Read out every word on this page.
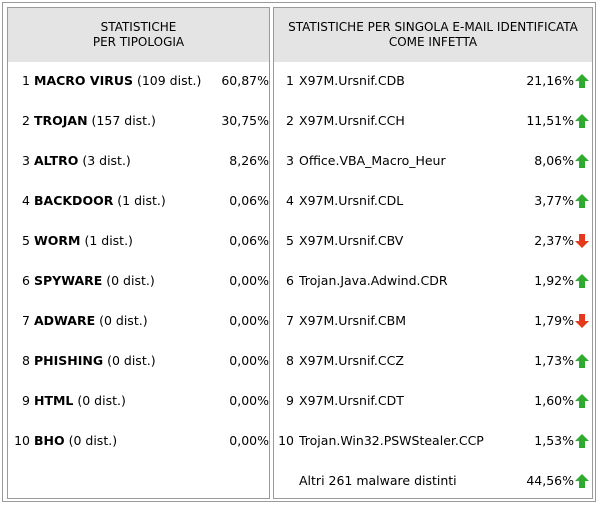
STATISTICHE
PER TIPOLOGIA
1 MACRO VIRUS (109 dist.)	60,87%
2 TROJAN (157 dist.)	30,75%
3 ALTRO (3 dist.)	8,26%
4 BACKDOOR (1 dist.)	0,06%
5 WORM (1 dist.)	0,06%
6 SPYWARE (0 dist.)	0,00%
7 ADWARE (0 dist.)	0,00%
8 PHISHING (0 dist.)	0,00%
9 HTML (0 dist.)	0,00%
10 BHO (0 dist.)	0,00%
STATISTICHE PER SINGOLA E-MAIL IDENTIFICATA
COME INFETTA
1 X97M.Ursnif.CDB	21,16%
2 X97M.Ursnif.CCH	11,51%
3 Office.VBA_Macro_Heur	8,06%
4 X97M.Ursnif.CDL	3,77%
5 X97M.Ursnif.CBV	2,37%
6 Trojan.Java.Adwind.CDR	1,92%
7 X97M.Ursnif.CBM	1,79%
8 X97M.Ursnif.CCZ	1,73%
9 X97M.Ursnif.CDT	1,60%
10 Trojan.Win32.PSWStealer.CCP	1,53%
Altri 261 malware distinti	44,56%
